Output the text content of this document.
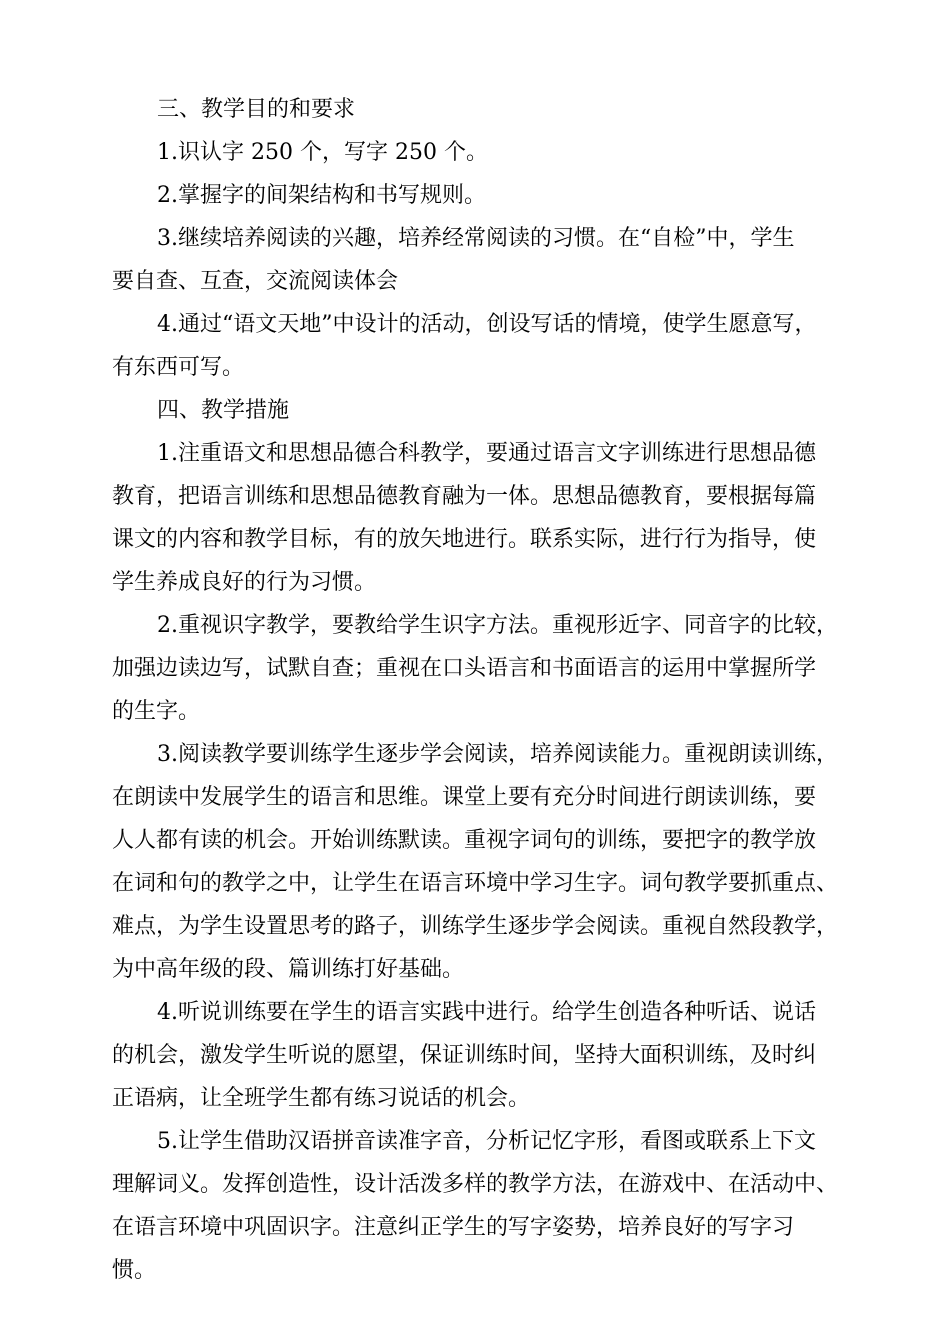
三、教学目的和要求
1.识认字 250 个，写字 250 个。
2.掌握字的间架结构和书写规则。
3.继续培养阅读的兴趣，培养经常阅读的习惯。在“自检”中，学生
要自查、互查，交流阅读体会
4.通过“语文天地”中设计的活动，创设写话的情境，使学生愿意写，
有东西可写。
四、教学措施
1.注重语文和思想品德合科教学，要通过语言文字训练进行思想品德
教育，把语言训练和思想品德教育融为一体。思想品德教育，要根据每篇
课文的内容和教学目标，有的放矢地进行。联系实际，进行行为指导，使
学生养成良好的行为习惯。
2.重视识字教学，要教给学生识字方法。重视形近字、同音字的比较，
加强边读边写，试默自查；重视在口头语言和书面语言的运用中掌握所学
的生字。
3.阅读教学要训练学生逐步学会阅读，培养阅读能力。重视朗读训练，
在朗读中发展学生的语言和思维。课堂上要有充分时间进行朗读训练，要
人人都有读的机会。开始训练默读。重视字词句的训练，要把字的教学放
在词和句的教学之中，让学生在语言环境中学习生字。词句教学要抓重点、
难点，为学生设置思考的路子，训练学生逐步学会阅读。重视自然段教学，
为中高年级的段、篇训练打好基础。
4.听说训练要在学生的语言实践中进行。给学生创造各种听话、说话
的机会，激发学生听说的愿望，保证训练时间，坚持大面积训练，及时纠
正语病，让全班学生都有练习说话的机会。
5.让学生借助汉语拼音读准字音，分析记忆字形，看图或联系上下文
理解词义。发挥创造性，设计活泼多样的教学方法，在游戏中、在活动中、
在语言环境中巩固识字。注意纠正学生的写字姿势，培养良好的写字习
惯。
